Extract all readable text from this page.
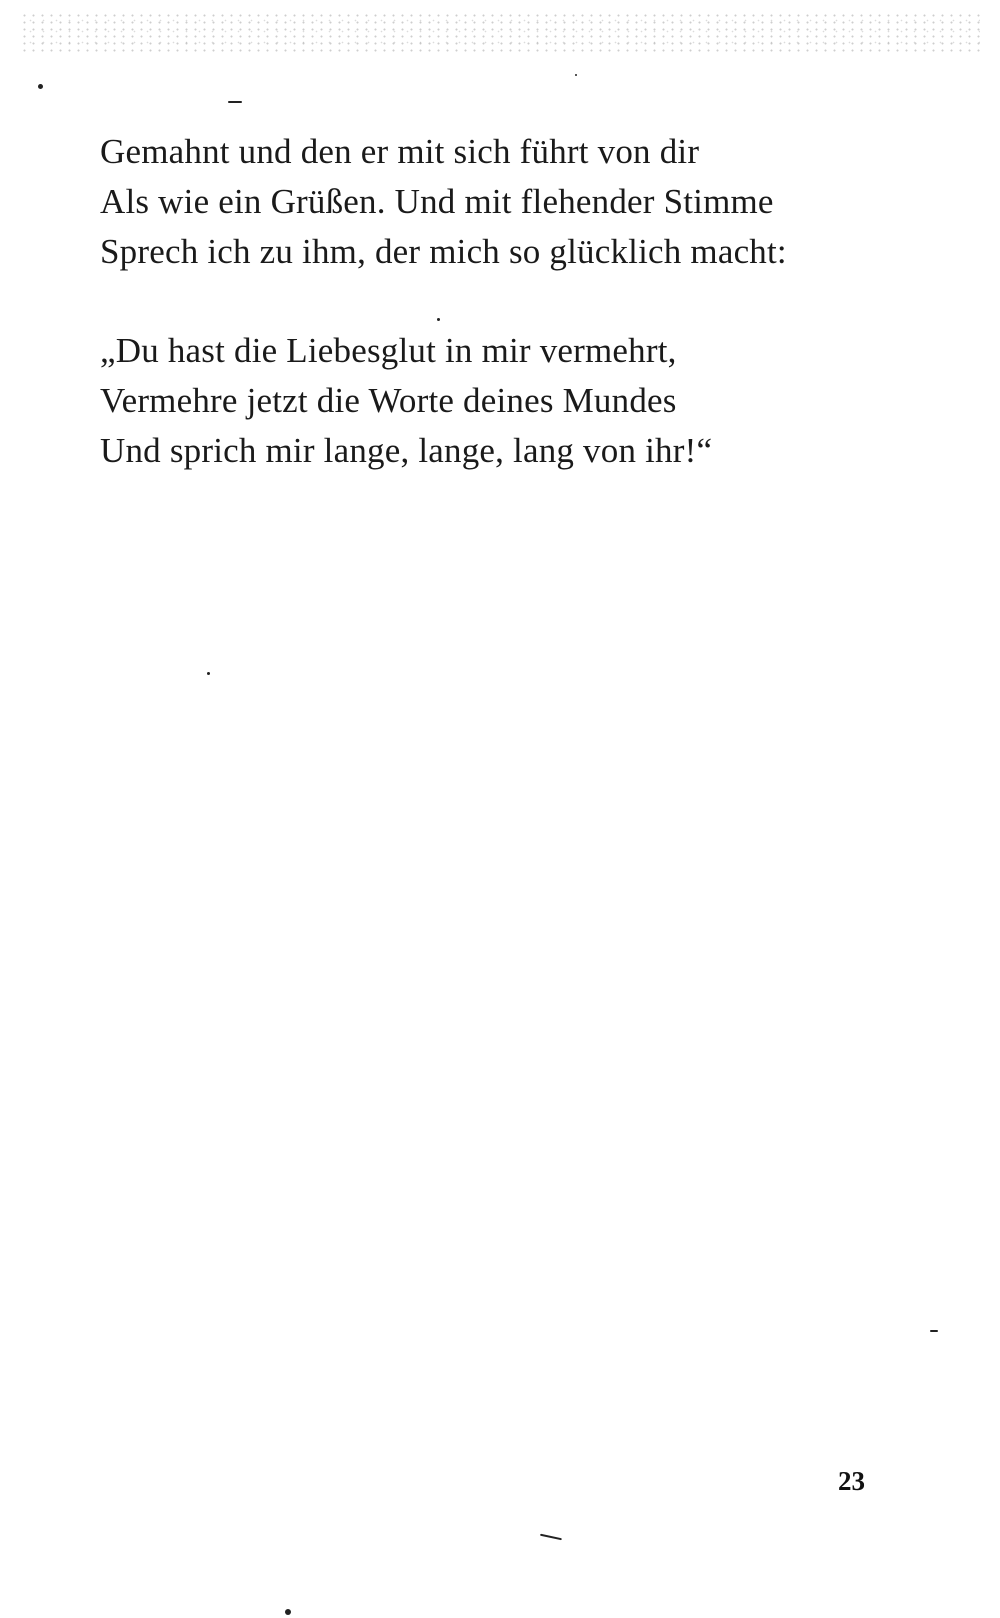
Gemahnt und den er mit sich führt von dir
Als wie ein Grüßen. Und mit flehender Stimme
Sprech ich zu ihm, der mich so glücklich macht:
„Du hast die Liebesglut in mir vermehrt,
Vermehre jetzt die Worte deines Mundes
Und sprich mir lange, lange, lang von ihr!“
23
